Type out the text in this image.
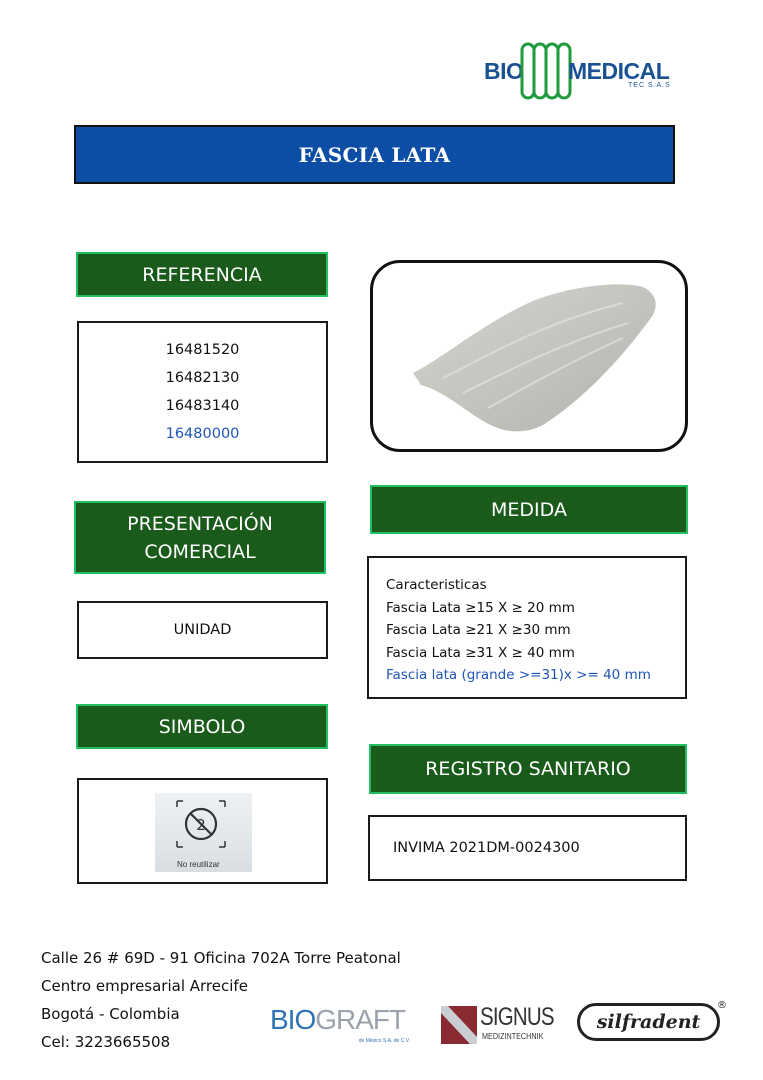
BIO MEDICAL
TEC S.A.S
FASCIA LATA
REFERENCIA
16481520
16482130
16483140
16480000
PRESENTACIÓN
COMERCIAL
UNIDAD
MEDIDA
Caracteristicas
Fascia Lata ≥15 X ≥ 20 mm
Fascia Lata ≥21 X ≥30 mm
Fascia Lata ≥31 X ≥ 40 mm
Fascia lata (grande >=31)x >= 40 mm
SIMBOLO
2
No reutilizar
REGISTRO SANITARIO
INVIMA 2021DM-0024300
Calle 26 # 69D - 91 Oficina 702A Torre Peatonal
Centro empresarial Arrecife
Bogotá - Colombia
Cel: 3223665508
BIOGRAFT
de México S.A. de C.V.
SIGNUS
MEDIZINTECHNIK
silfradent
®
